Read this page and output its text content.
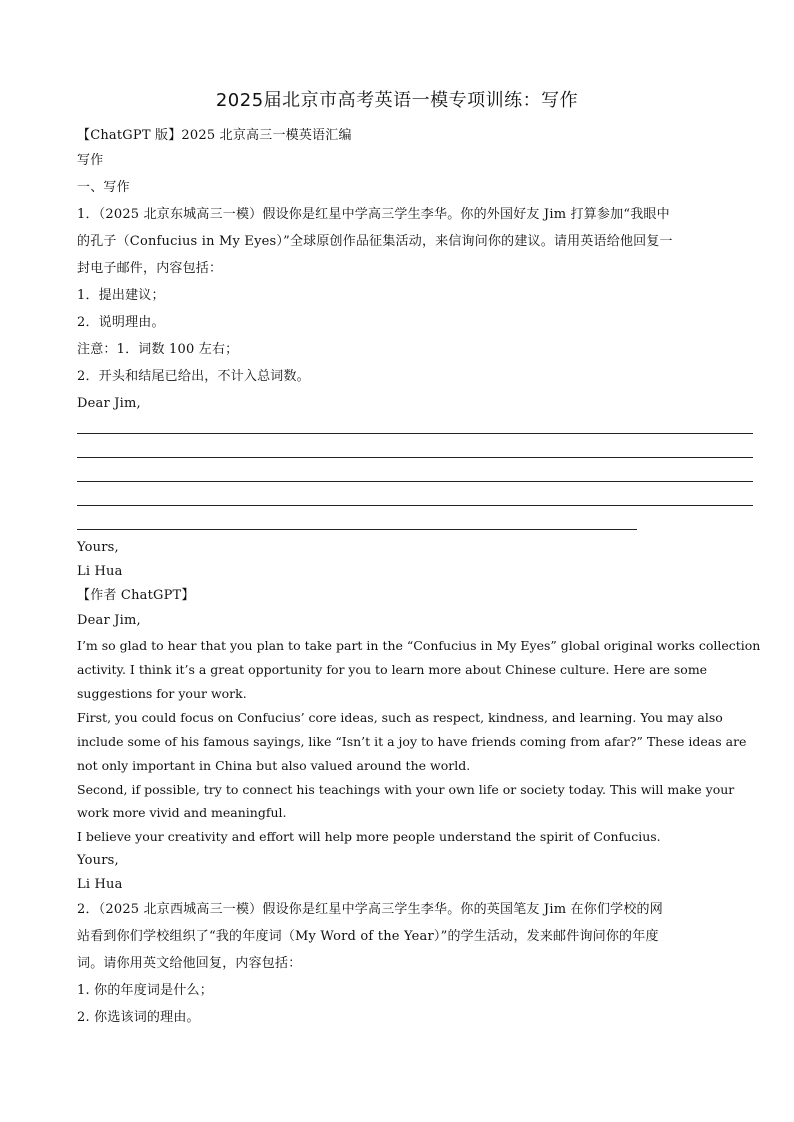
2025届北京市高考英语一模专项训练：写作
【ChatGPT 版】2025 北京高三一模英语汇编
写作
一、写作
1．（2025 北京东城高三一模）假设你是红星中学高三学生李华。你的外国好友 Jim 打算参加“我眼中
的孔子（Confucius in My Eyes）”全球原创作品征集活动，来信询问你的建议。请用英语给他回复一
封电子邮件，内容包括：
1．提出建议；
2．说明理由。
注意：1．词数 100 左右；
2．开头和结尾已给出，不计入总词数。
Dear Jim,
Yours,
Li Hua
【作者 ChatGPT】
Dear Jim,
I’m so glad to hear that you plan to take part in the “Confucius in My Eyes” global original works collection
activity. I think it’s a great opportunity for you to learn more about Chinese culture. Here are some
suggestions for your work.
First, you could focus on Confucius’ core ideas, such as respect, kindness, and learning. You may also
include some of his famous sayings, like “Isn’t it a joy to have friends coming from afar?” These ideas are
not only important in China but also valued around the world.
Second, if possible, try to connect his teachings with your own life or society today. This will make your
work more vivid and meaningful.
I believe your creativity and effort will help more people understand the spirit of Confucius.
Yours,
Li Hua
2．（2025 北京西城高三一模）假设你是红星中学高三学生李华。你的英国笔友 Jim 在你们学校的网
站看到你们学校组织了“我的年度词（My Word of the Year）”的学生活动，发来邮件询问你的年度
词。请你用英文给他回复，内容包括：
1. 你的年度词是什么；
2. 你选该词的理由。
